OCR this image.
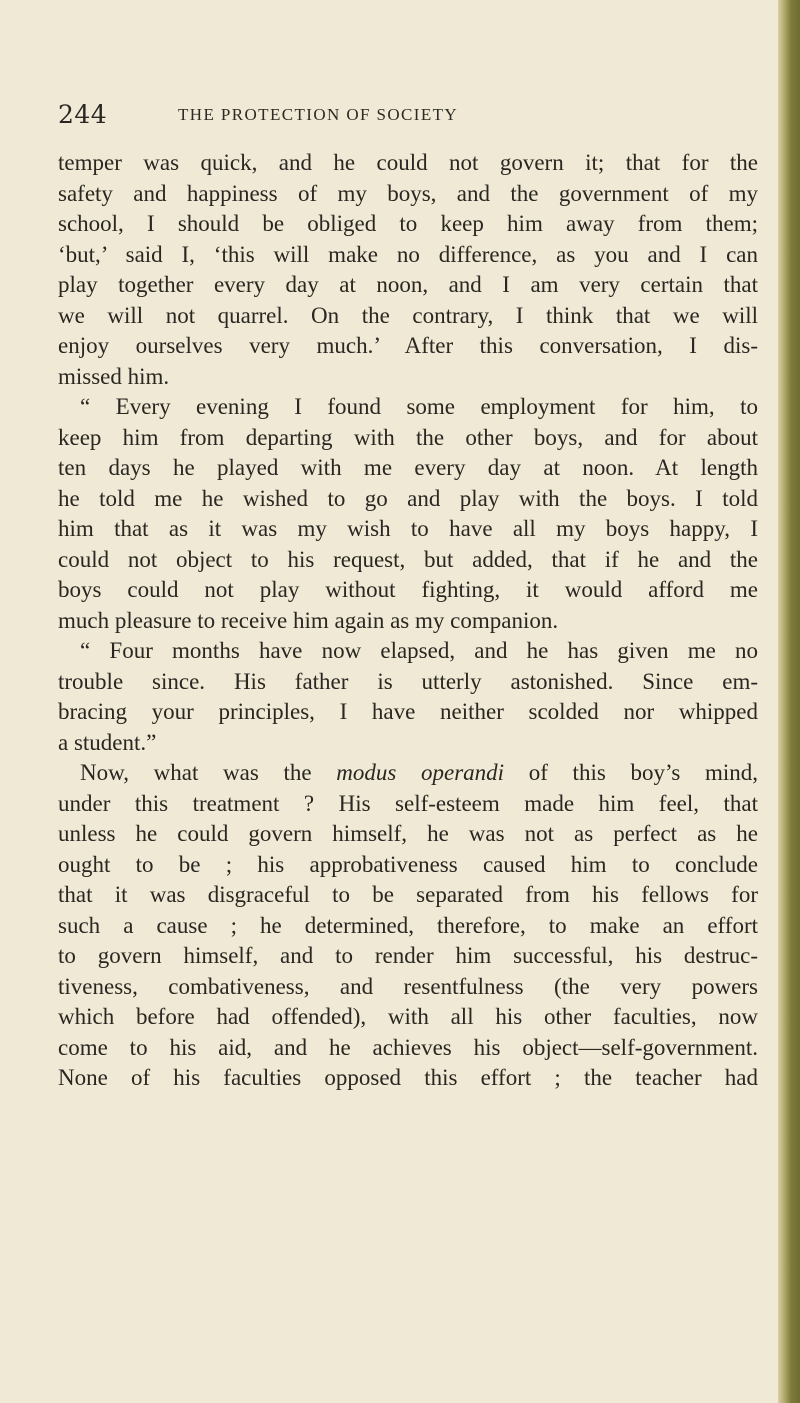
244	THE PROTECTION OF SOCIETY
temper was quick, and he could not govern it; that for the
safety and happiness of my boys, and the government of my
school, I should be obliged to keep him away from them;
‘but,’ said I, ‘this will make no difference, as you and I can
play together every day at noon, and I am very certain that
we will not quarrel. On the contrary, I think that we will
enjoy ourselves very much.’ After this conversation, I dis-
missed him.
“ Every evening I found some employment for him, to
keep him from departing with the other boys, and for about
ten days he played with me every day at noon. At length
he told me he wished to go and play with the boys. I told
him that as it was my wish to have all my boys happy, I
could not object to his request, but added, that if he and the
boys could not play without fighting, it would afford me
much pleasure to receive him again as my companion.
“ Four months have now elapsed, and he has given me no
trouble since. His father is utterly astonished. Since em-
bracing your principles, I have neither scolded nor whipped
a student.”
Now, what was the modus operandi of this boy’s mind,
under this treatment ? His self-esteem made him feel, that
unless he could govern himself, he was not as perfect as he
ought to be ; his approbativeness caused him to conclude
that it was disgraceful to be separated from his fellows for
such a cause ; he determined, therefore, to make an effort
to govern himself, and to render him successful, his destruc-
tiveness, combativeness, and resentfulness (the very powers
which before had offended), with all his other faculties, now
come to his aid, and he achieves his object—self-government.
None of his faculties opposed this effort ; the teacher had
